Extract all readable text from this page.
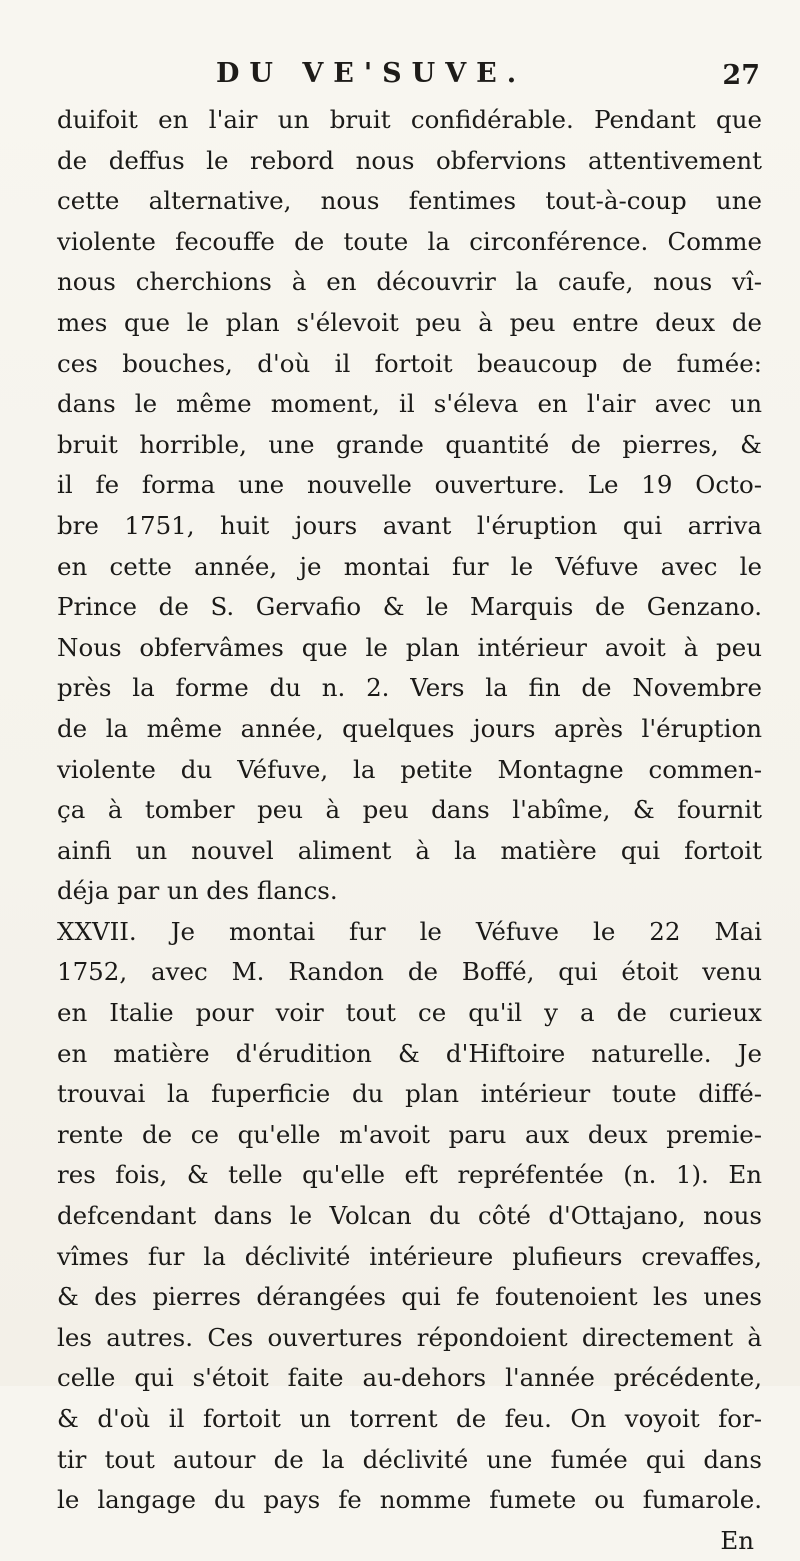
DU VE'SUVE.	27
duifoit en l'air un bruit confidérable. Pendant que
de deffus le rebord nous obfervions attentivement
cette alternative, nous fentimes tout-à-coup une
violente fecouffe de toute la circonférence. Comme
nous cherchions à en découvrir la caufe, nous vî-
mes que le plan s'élevoit peu à peu entre deux de
ces bouches, d'où il fortoit beaucoup de fumée:
dans le même moment, il s'éleva en l'air avec un
bruit horrible, une grande quantité de pierres, &
il fe forma une nouvelle ouverture. Le 19 Octo-
bre 1751, huit jours avant l'éruption qui arriva
en cette année, je montai fur le Véfuve avec le
Prince de S. Gervafio & le Marquis de Genzano.
Nous obfervâmes que le plan intérieur avoit à peu
près la forme du n. 2. Vers la fin de Novembre
de la même année, quelques jours après l'éruption
violente du Véfuve, la petite Montagne commen-
ça à tomber peu à peu dans l'abîme, & fournit
ainfi un nouvel aliment à la matière qui fortoit
déja par un des flancs.
XXVII. Je montai fur le Véfuve le 22 Mai
1752, avec M. Randon de Boffé, qui étoit venu
en Italie pour voir tout ce qu'il y a de curieux
en matière d'érudition & d'Hiftoire naturelle. Je
trouvai la fuperficie du plan intérieur toute diffé-
rente de ce qu'elle m'avoit paru aux deux premie-
res fois, & telle qu'elle eft repréfentée (n. 1). En
defcendant dans le Volcan du côté d'Ottajano, nous
vîmes fur la déclivité intérieure plufieurs crevaffes,
& des pierres dérangées qui fe foutenoient les unes
les autres. Ces ouvertures répondoient directement à
celle qui s'étoit faite au-dehors l'année précédente,
& d'où il fortoit un torrent de feu. On voyoit for-
tir tout autour de la déclivité une fumée qui dans
le langage du pays fe nomme fumete ou fumarole.
En
